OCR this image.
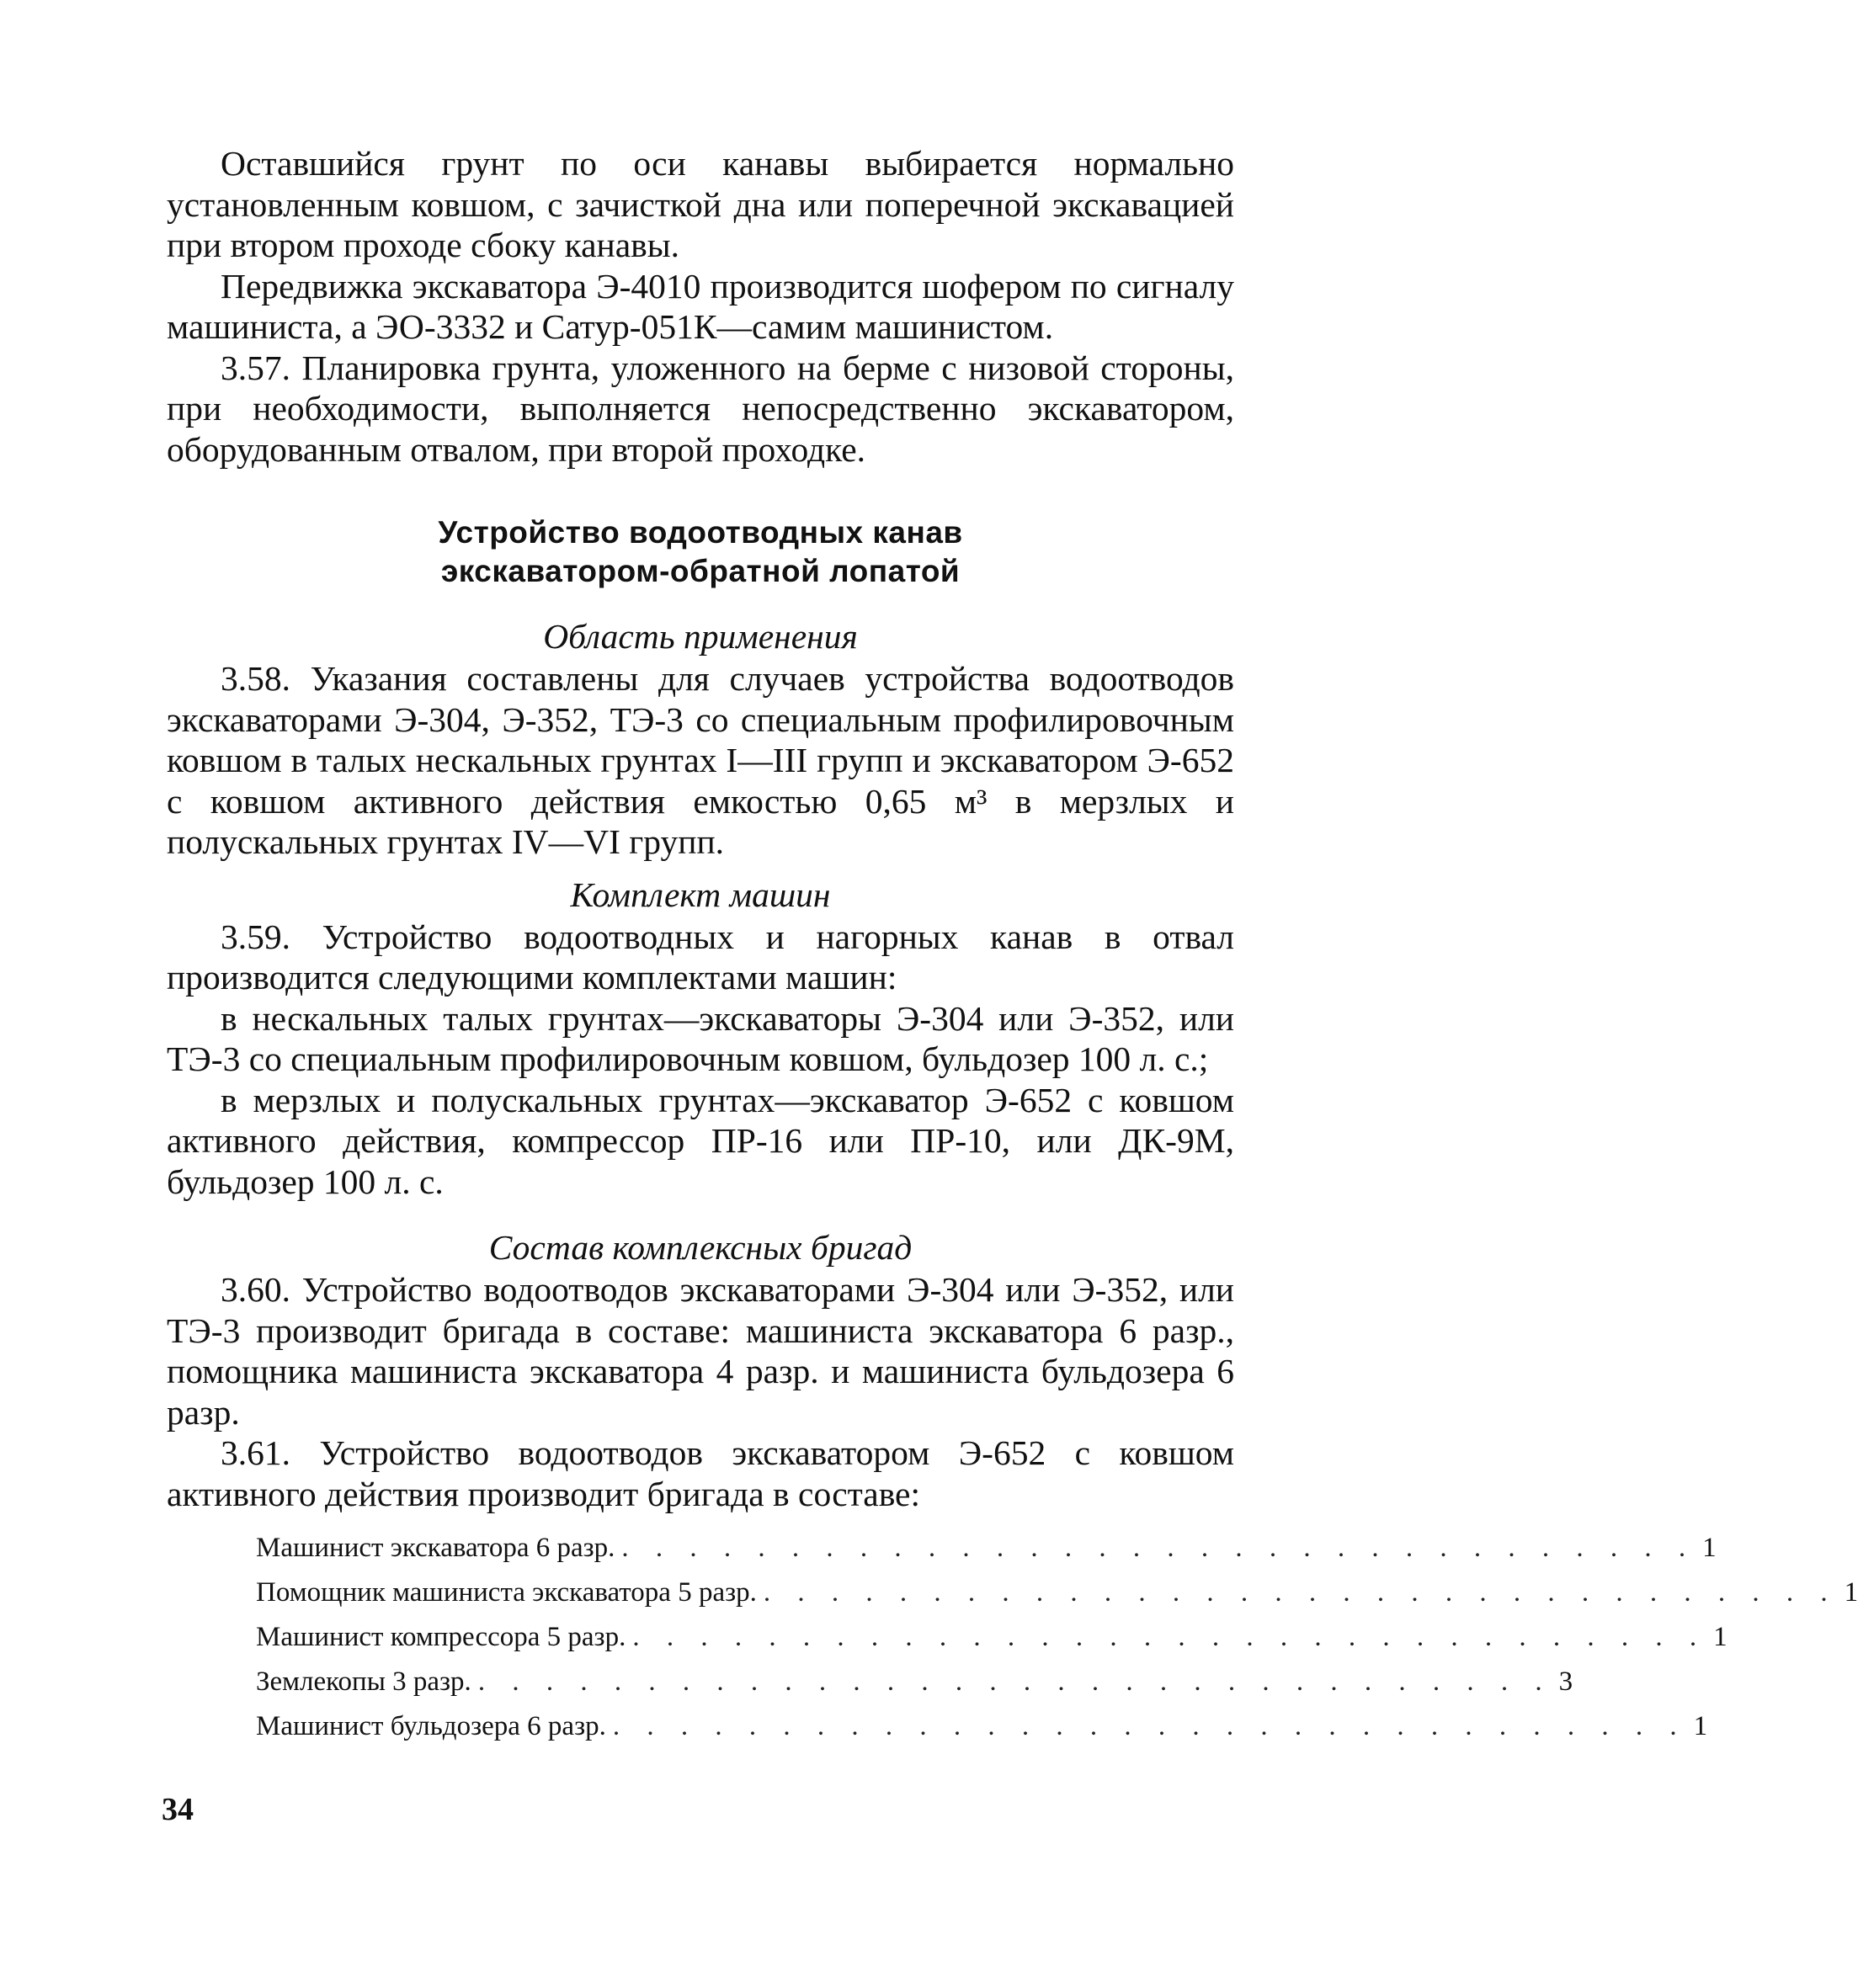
Оставшийся грунт по оси канавы выбирается нормально установленным ковшом, с зачисткой дна или поперечной экскавацией при втором проходе сбоку канавы.

Передвижка экскаватора Э-4010 производится шофером по сигналу машиниста, а ЭО-3332 и Сатур-051К—самим машинистом.

3.57. Планировка грунта, уложенного на берме с низовой стороны, при необходимости, выполняется непосредственно экскаватором, оборудованным отвалом, при второй проходке.

Устройство водоотводных канав
экскаватором-обратной лопатой
Область применения

3.58. Указания составлены для случаев устройства водоотводов экскаваторами Э-304, Э-352, ТЭ-3 со специальным профилировочным ковшом в талых нескальных грунтах I—III групп и экскаватором Э-652 с ковшом активного действия емкостью 0,65 м³ в мерзлых и полускальных грунтах IV—VI групп.

Комплект машин

3.59. Устройство водоотводных и нагорных канав в отвал производится следующими комплектами машин:

в нескальных талых грунтах—экскаваторы Э-304 или Э-352, или ТЭ-3 со специальным профилировочным ковшом, бульдозер 100 л. с.;

в мерзлых и полускальных грунтах—экскаватор Э-652 с ковшом активного действия, компрессор ПР-16 или ПР-10, или ДК-9М, бульдозер 100 л. с.

Состав комплексных бригад

3.60. Устройство водоотводов экскаваторами Э-304 или Э-352, или ТЭ-3 производит бригада в составе: машиниста экскаватора 6 разр., помощника машиниста экскаватора 4 разр. и машиниста бульдозера 6 разр.

3.61. Устройство водоотводов экскаватором Э-652 с ковшом активного действия производит бригада в составе:

Машинист экскаватора 6 разр. . . . . . . . . . . . . . . . . . . . . . . . . . . . . . . . . 1
Помощник машиниста экскаватора 5 разр. . . . . . . . . . . . . . . . . . . . . . . . . . . . . . . . . 1
Машинист компрессора 5 разр. . . . . . . . . . . . . . . . . . . . . . . . . . . . . . . . . 1
Землекопы 3 разр. . . . . . . . . . . . . . . . . . . . . . . . . . . . . . . . . 3
Машинист бульдозера 6 разр. . . . . . . . . . . . . . . . . . . . . . . . . . . . . . . . . 1
34
